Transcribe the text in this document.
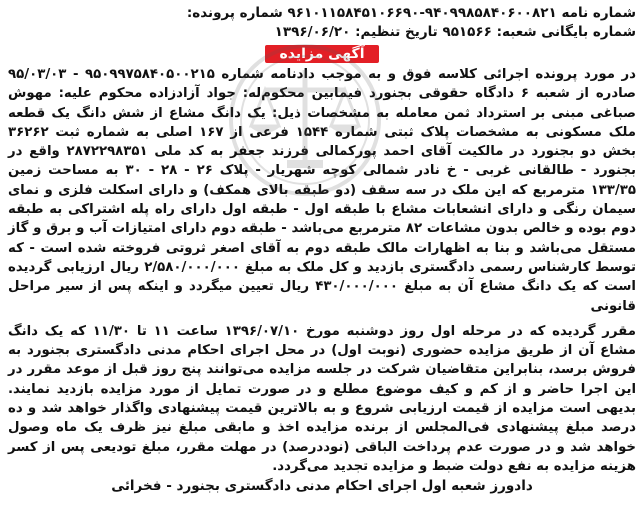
شماره نامه ۹۴۰۹۹۸۵۸۴۰۶۰۰۸۲۱-۹۶۱۰۱۱۵۸۴۵۱۰۶۶۹۰ شماره پرونده:
شماره بایگانی شعبه: ۹۵۱۵۶۶ تاریخ تنظیم: ۱۳۹۶/۰۶/۲۰
آگهی مزایده

در مورد پرونده اجرائی کلاسه فوق و به موجب دادنامه شماره ۹۵۰۹۹۷۵۸۴۰۵۰۰۲۱۵ - ۹۵/۰۳/۰۳ صادره از شعبه ۶ دادگاه حقوقی بجنورد فیمابین محکوم‌له: جواد آزادزاده محکوم علیه: مهوش صباغی مبنی بر استرداد ثمن معامله به مشخصات ذیل: یک دانگ مشاع از شش دانگ یک قطعه ملک مسکونی به مشخصات پلاک ثبتی شماره ۱۵۴۴ فرعی از ۱۶۷ اصلی به شماره ثبت ۳۶۲۶۲ بخش دو بجنورد در مالکیت آقای احمد پورکمالی فرزند جعفر به کد ملی ۲۸۷۲۲۹۸۳۵۱ واقع در بجنورد - طالقانی غربی - خ نادر شمالی کوچه شهریار - پلاک ۲۶ - ۲۸ - ۳۰ به مساحت زمین ۱۳۳/۳۵ مترمربع که این ملک در سه سقف (دو طبقه بالای همکف) و دارای اسکلت فلزی و نمای سیمان رنگی و دارای انشعابات مشاع با طبقه اول - طبقه اول دارای راه پله اشتراکی به طبقه دوم بوده و خالص بدون مشاعات ۸۲ مترمربع می‌باشد - طبقه دوم دارای امتیازات آب و برق و گاز مستقل می‌باشد و بنا به اظهارات مالک طبقه دوم به آقای اصغر ثروتی فروخته شده است - که توسط کارشناس رسمی دادگستری بازدید و کل ملک به مبلغ ۲/۵۸۰/۰۰۰/۰۰۰ ریال ارزیابی گردیده است که یک دانگ مشاع آن به مبلغ ۴۳۰/۰۰۰/۰۰۰ ریال تعیین میگردد و اینکه پس از سیر مراحل قانونی

مقرر گردیده که در مرحله اول روز دوشنبه مورخ ۱۳۹۶/۰۷/۱۰ ساعت ۱۱ تا ۱۱/۳۰ که یک دانگ مشاع آن از طریق مزایده حضوری (نوبت اول) در محل اجرای احکام مدنی دادگستری بجنورد به فروش برسد، بنابراین متقاضیان شرکت در جلسه مزایده می‌توانند پنج روز قبل از موعد مقرر در این اجرا حاضر و از کم و کیف موضوع مطلع و در صورت تمایل از مورد مزایده بازدید نمایند. بدیهی است مزایده از قیمت ارزیابی شروع و به بالاترین قیمت پیشنهادی واگذار خواهد شد و ده درصد مبلغ پیشنهادی فی‌المجلس از برنده مزایده اخذ و مابقی مبلغ نیز ظرف یک ماه وصول خواهد شد و در صورت عدم پرداخت الباقی (نوددرصد) در مهلت مقرر، مبلغ تودیعی پس از کسر هزینه مزایده به نفع دولت ضبط و مزایده تجدید می‌گردد.

دادورز شعبه اول اجرای احکام مدنی دادگستری بجنورد - فخرائی
